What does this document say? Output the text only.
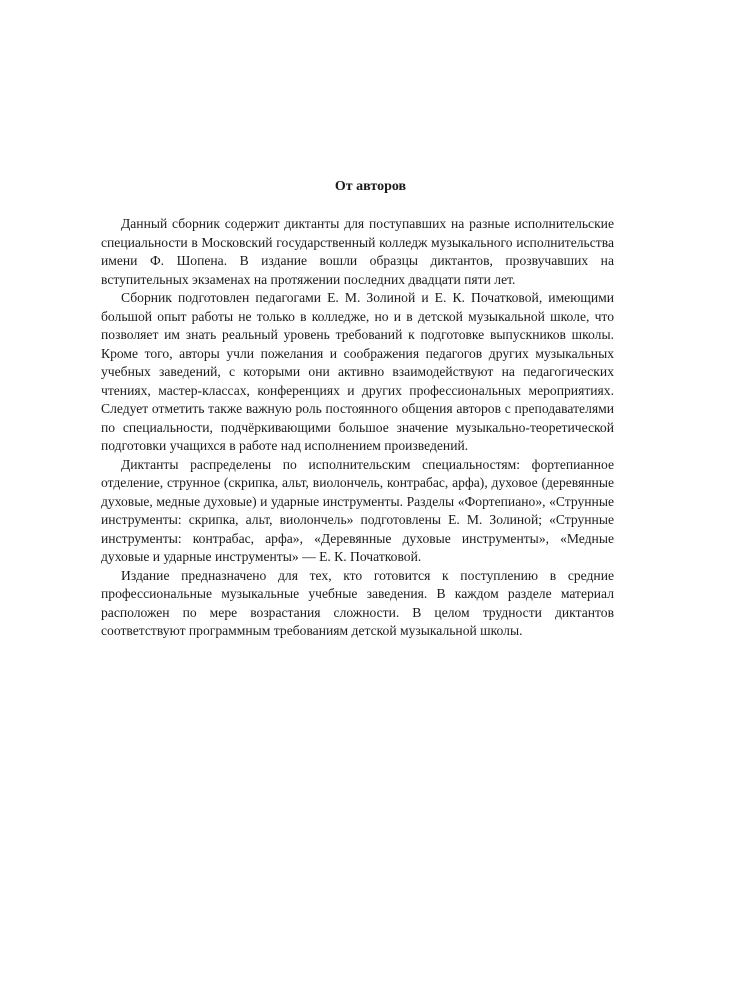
От авторов

Данный сборник содержит диктанты для поступавших на разные исполнительские специальности в Московский государственный колледж музыкального исполнительства имени Ф. Шопена. В издание вошли образцы диктантов, прозвучавших на вступительных экзаменах на протяжении последних двадцати пяти лет.

Сборник подготовлен педагогами Е. М. Золиной и Е. К. Початковой, имеющими большой опыт работы не только в колледже, но и в детской музыкальной школе, что позволяет им знать реальный уровень требований к подготовке выпускников школы. Кроме того, авторы учли пожелания и соображения педагогов других музыкальных учебных заведений, с которыми они активно взаимодействуют на педагогических чтениях, мастер-классах, конференциях и других профессиональных мероприятиях. Следует отметить также важную роль постоянного общения авторов с преподавателями по специальности, подчёркивающими большое значение музыкально-теоретической подготовки учащихся в работе над исполнением произведений.

Диктанты распределены по исполнительским специальностям: фортепианное отделение, струнное (скрипка, альт, виолончель, контрабас, арфа), духовое (деревянные духовые, медные духовые) и ударные инструменты. Разделы «Фортепиано», «Струнные инструменты: скрипка, альт, виолончель» подготовлены Е. М. Золиной; «Струнные инструменты: контрабас, арфа», «Деревянные духовые инструменты», «Медные духовые и ударные инструменты» — Е. К. Початковой.

Издание предназначено для тех, кто готовится к поступлению в средние профессиональные музыкальные учебные заведения. В каждом разделе материал расположен по мере возрастания сложности. В целом трудности диктантов соответствуют программным требованиям детской музыкальной школы.
